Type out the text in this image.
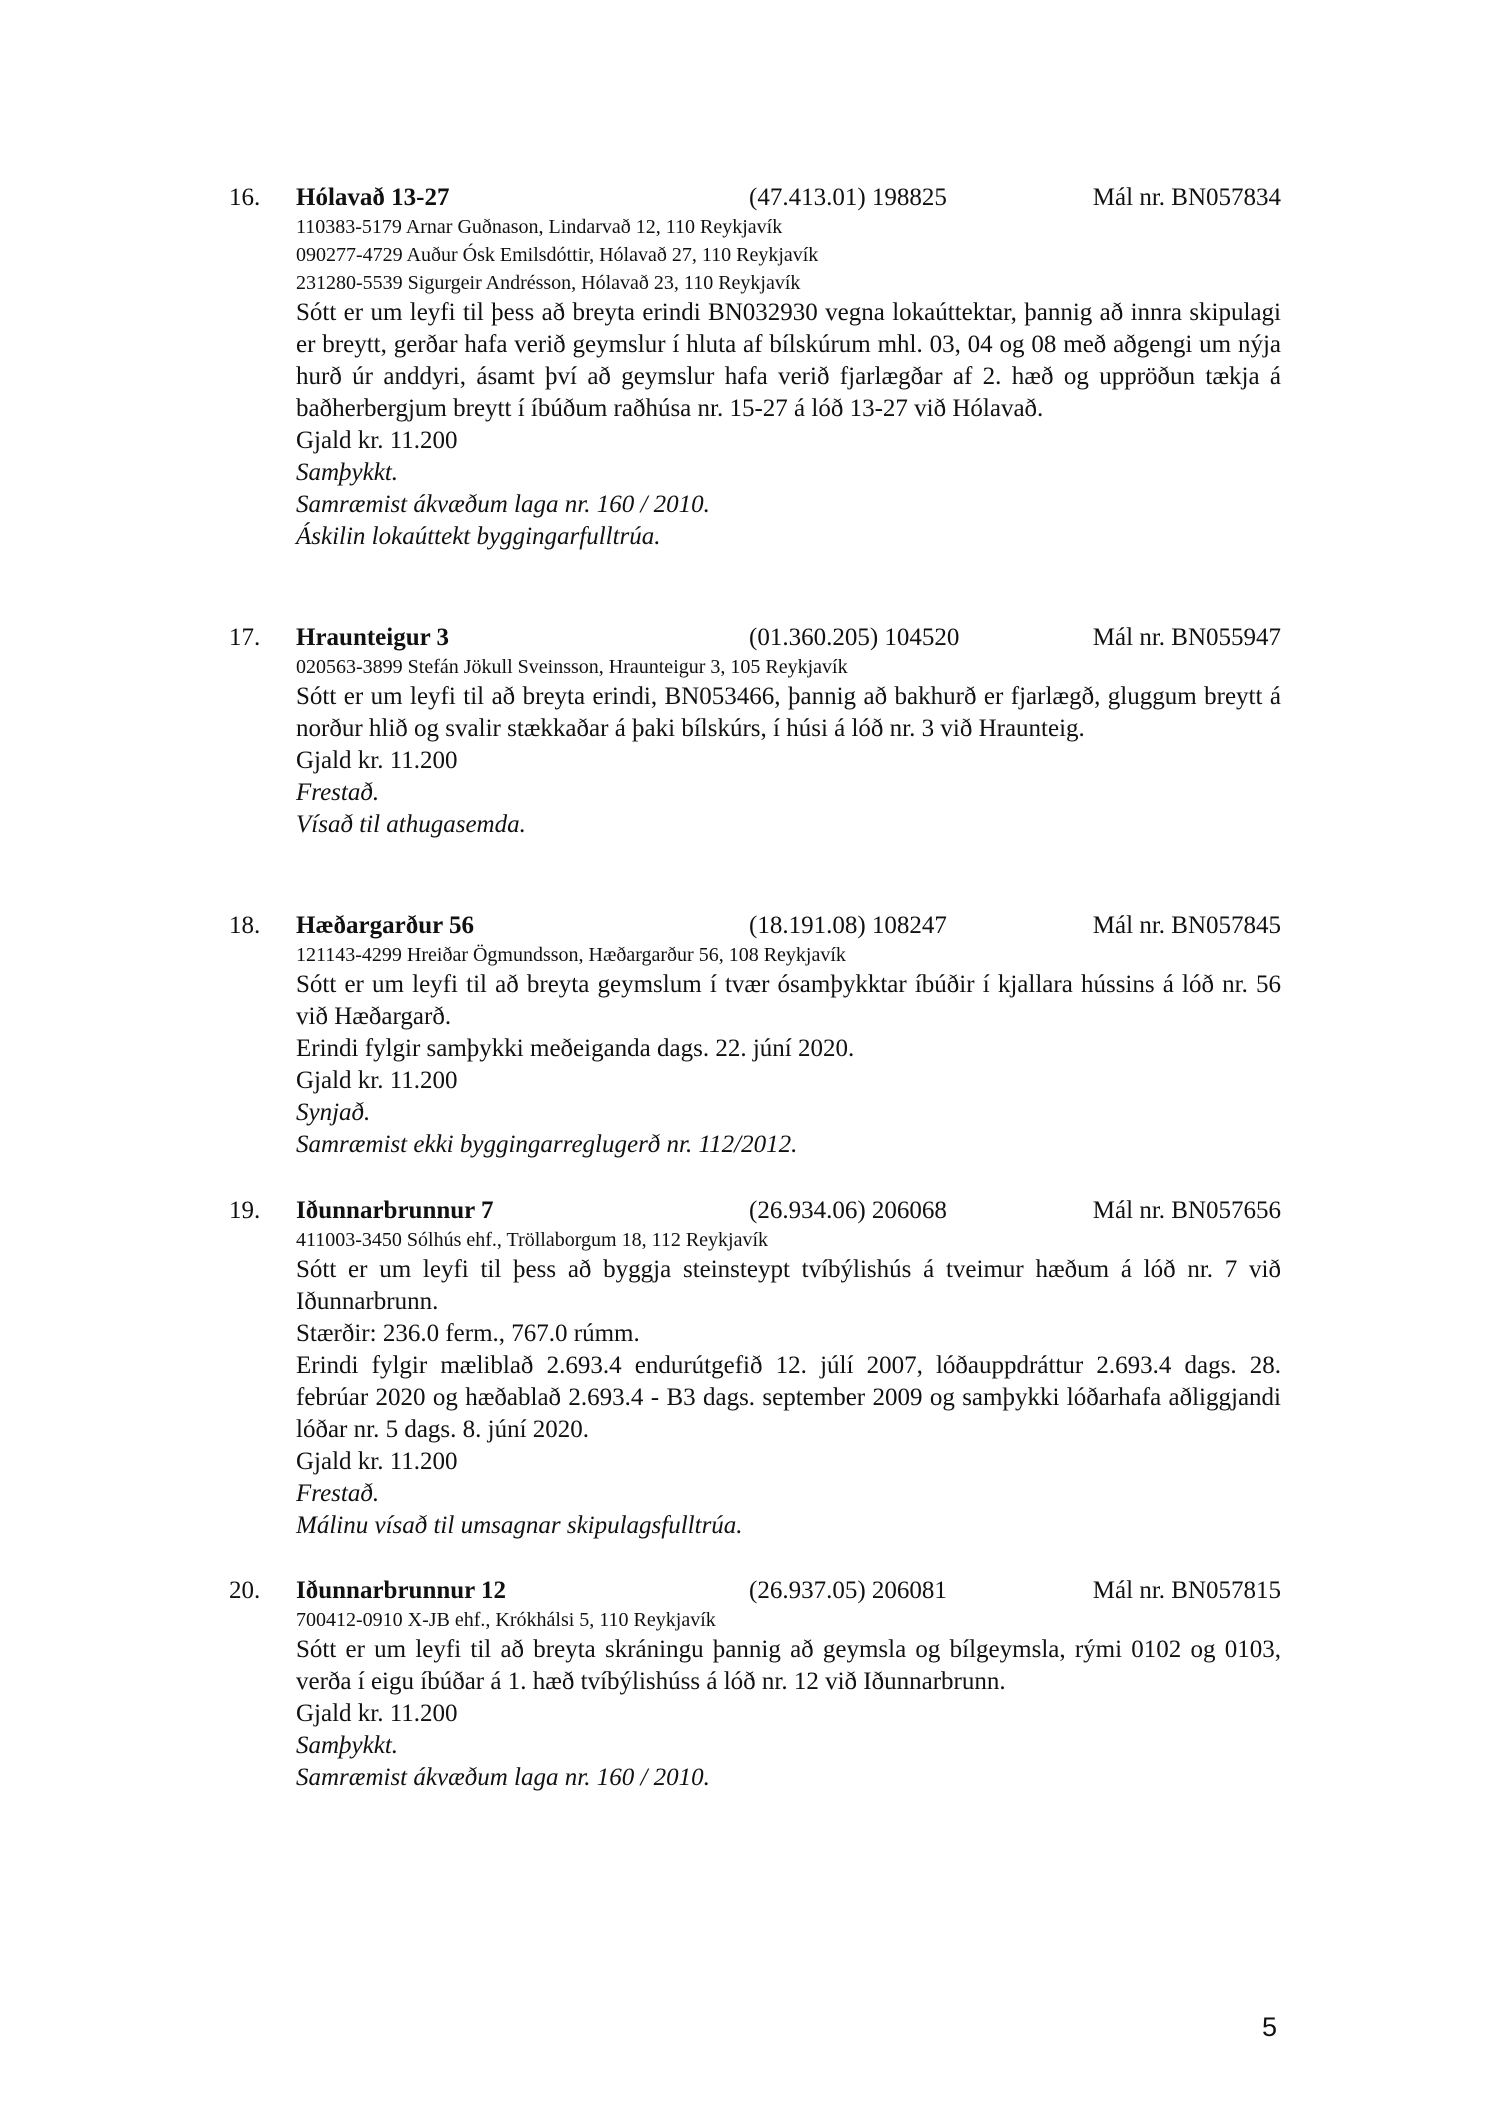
16. Hólavað 13-27	(47.413.01) 198825	Mál nr. BN057834
110383-5179 Arnar Guðnason, Lindarvað 12, 110 Reykjavík
090277-4729 Auður Ósk Emilsdóttir, Hólavað 27, 110 Reykjavík
231280-5539 Sigurgeir Andrésson, Hólavað 23, 110 Reykjavík
Sótt er um leyfi til þess að breyta erindi BN032930 vegna lokaúttektar, þannig að innra skipulagi er breytt, gerðar hafa verið geymslur í hluta af bílskúrum mhl. 03, 04 og 08 með aðgengi um nýja hurð úr anddyri, ásamt því að geymslur hafa verið fjarlægðar af 2. hæð og uppröðun tækja á baðherbergjum breytt í íbúðum raðhúsa nr. 15-27 á lóð 13-27 við Hólavað.
Gjald kr. 11.200
Samþykkt.
Samræmist ákvæðum laga nr. 160 / 2010.
Áskilin lokaúttekt byggingarfulltrúa.
17. Hraunteigur 3	(01.360.205) 104520	Mál nr. BN055947
020563-3899 Stefán Jökull Sveinsson, Hraunteigur 3, 105 Reykjavík
Sótt er um leyfi til að breyta erindi, BN053466, þannig að bakhurð er fjarlægð, gluggum breytt á norður hlið og svalir stækkaðar á þaki bílskúrs, í húsi á lóð nr. 3 við Hraunteig.
Gjald kr. 11.200
Frestað.
Vísað til athugasemda.
18. Hæðargarður 56	(18.191.08) 108247	Mál nr. BN057845
121143-4299 Hreiðar Ögmundsson, Hæðargarður 56, 108 Reykjavík
Sótt er um leyfi til að breyta geymslum í tvær ósamþykktar íbúðir í kjallara hússins á lóð nr. 56 við Hæðargarð.
Erindi fylgir samþykki meðeiganda dags. 22. júní 2020.
Gjald kr. 11.200
Synjað.
Samræmist ekki byggingarreglugerð nr. 112/2012.
19. Iðunnarbrunnur 7	(26.934.06) 206068	Mál nr. BN057656
411003-3450 Sólhús ehf., Tröllaborgum 18, 112 Reykjavík
Sótt er um leyfi til þess að byggja steinsteypt tvíbýlishús á tveimur hæðum á lóð nr. 7 við Iðunnarbrunn.
Stærðir: 236.0 ferm., 767.0 rúmm.
Erindi fylgir mæliblað 2.693.4 endurútgefið 12. júlí 2007, lóðauppdráttur 2.693.4 dags. 28. febrúar 2020 og hæðablað 2.693.4 - B3 dags. september 2009 og samþykki lóðarhafa aðliggjandi lóðar nr. 5 dags. 8. júní 2020.
Gjald kr. 11.200
Frestað.
Málinu vísað til umsagnar skipulagsfulltrúa.
20. Iðunnarbrunnur 12	(26.937.05) 206081	Mál nr. BN057815
700412-0910 X-JB ehf., Krókhálsi 5, 110 Reykjavík
Sótt er um leyfi til að breyta skráningu þannig að geymsla og bílgeymsla, rými 0102 og 0103, verða í eigu íbúðar á 1. hæð tvíbýlishúss á lóð nr. 12 við Iðunnarbrunn.
Gjald kr. 11.200
Samþykkt.
Samræmist ákvæðum laga nr. 160 / 2010.
5
